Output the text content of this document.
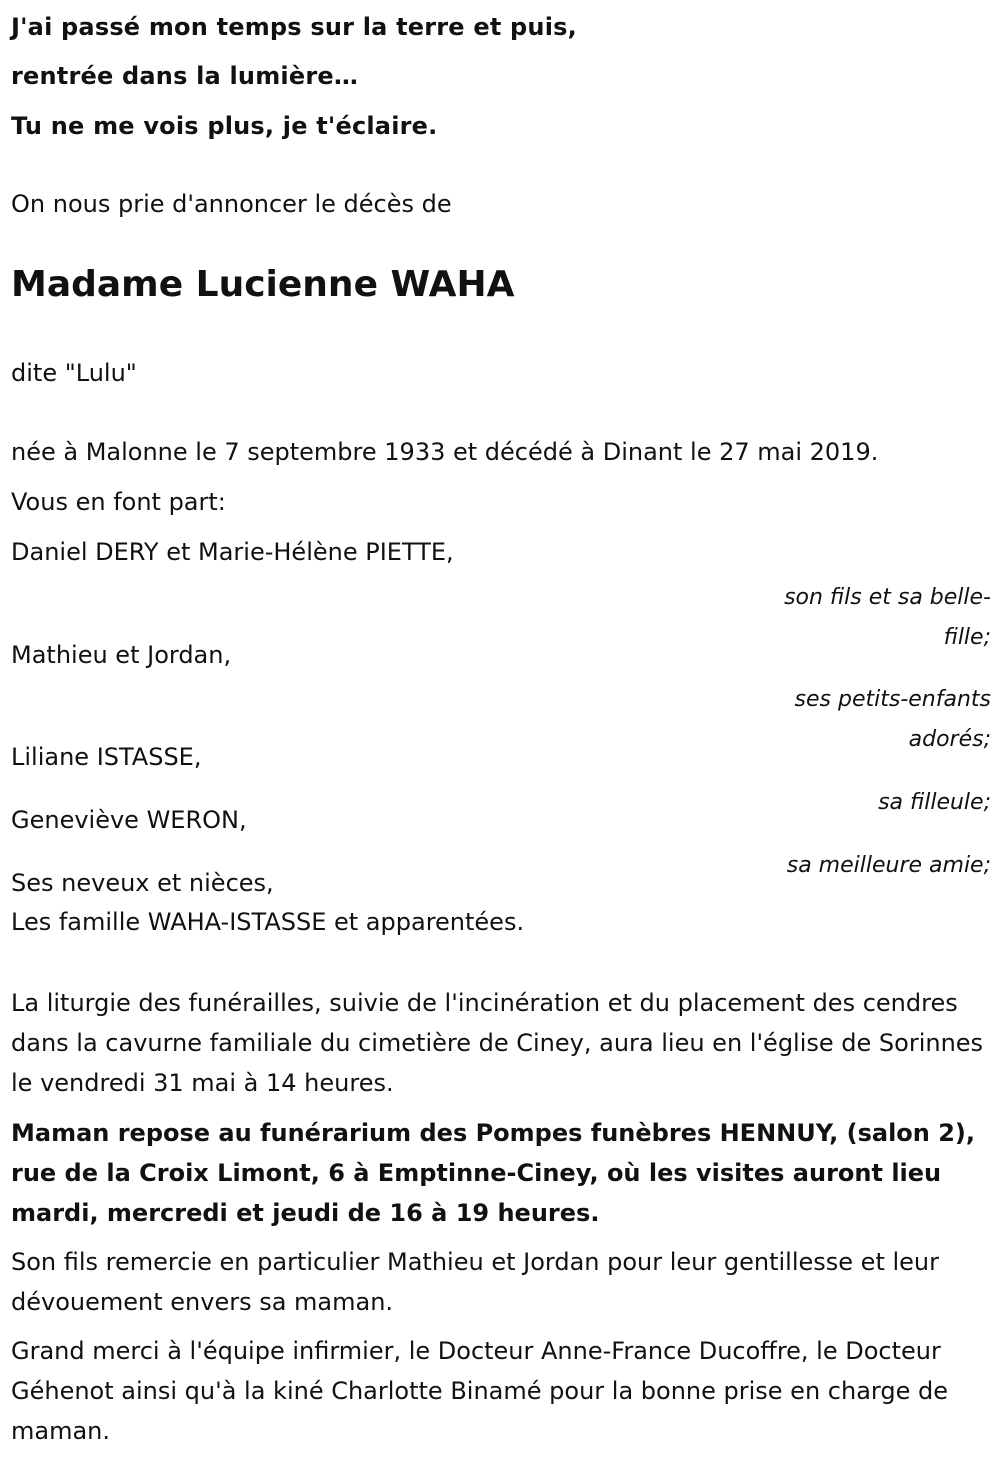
J'ai passé mon temps sur la terre et puis,

rentrée dans la lumière…

Tu ne me vois plus, je t'éclaire.

On nous prie d'annoncer le décès de

Madame Lucienne WAHA

dite "Lulu"

née à Malonne le 7 septembre 1933 et décédé à Dinant le 27 mai 2019.

Vous en font part:

Daniel DERY et Marie-Hélène PIETTE,

son fils et sa belle-fille;

Mathieu et Jordan,

ses petits-enfants adorés;

Liliane ISTASSE,

sa filleule;

Geneviève WERON,

sa meilleure amie;

Ses neveux et nièces,

Les famille WAHA-ISTASSE et apparentées.

La liturgie des funérailles, suivie de l'incinération et du placement des cendres dans la cavurne familiale du cimetière de Ciney, aura lieu en l'église de Sorinnes le vendredi 31 mai à 14 heures.

Maman repose au funérarium des Pompes funèbres HENNUY, (salon 2), rue de la Croix Limont, 6 à Emptinne-Ciney, où les visites auront lieu mardi, mercredi et jeudi de 16 à 19 heures.

Son fils remercie en particulier Mathieu et Jordan pour leur gentillesse et leur dévouement envers sa maman.

Grand merci à l'équipe infirmier, le Docteur Anne-France Ducoffre, le Docteur Géhenot ainsi qu'à la kiné Charlotte Binamé pour la bonne prise en charge de maman.
